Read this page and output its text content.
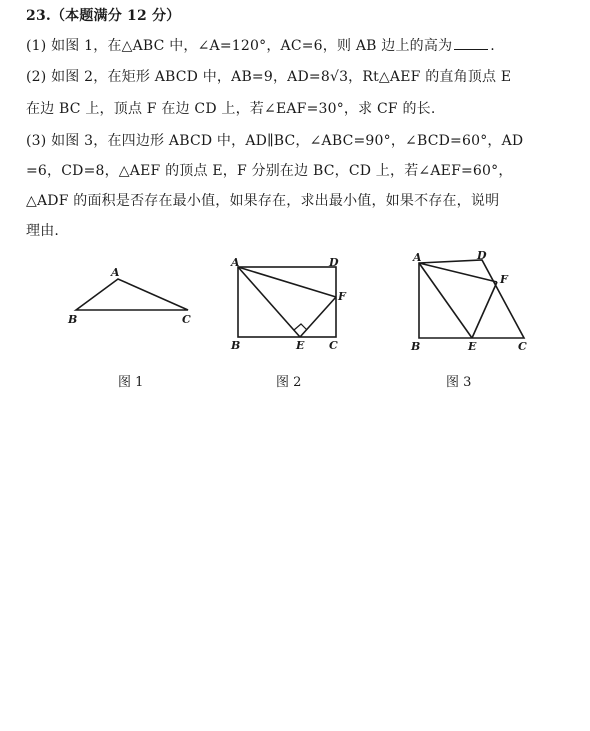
23.（本题满分 12 分）
(1) 如图 1，在△ABC 中，∠A=120°，AC=6，则 AB 边上的高为	.
(2) 如图 2，在矩形 ABCD 中，AB=9，AD=8√3，Rt△AEF 的直角顶点 E
在边 BC 上，顶点 F 在边 CD 上，若∠EAF=30°，求 CF 的长.
(3) 如图 3，在四边形 ABCD 中，AD∥BC，∠ABC=90°，∠BCD=60°，AD
=6，CD=8，△AEF 的顶点 E，F 分别在边 BC，CD 上，若∠AEF=60°，
△ADF 的面积是否存在最小值，如果存在，求出最小值，如果不存在，说明
理由.
A
B	C
A	D
F
B	E C
A	D
F
B	E	C
图 1	图 2	图 3
